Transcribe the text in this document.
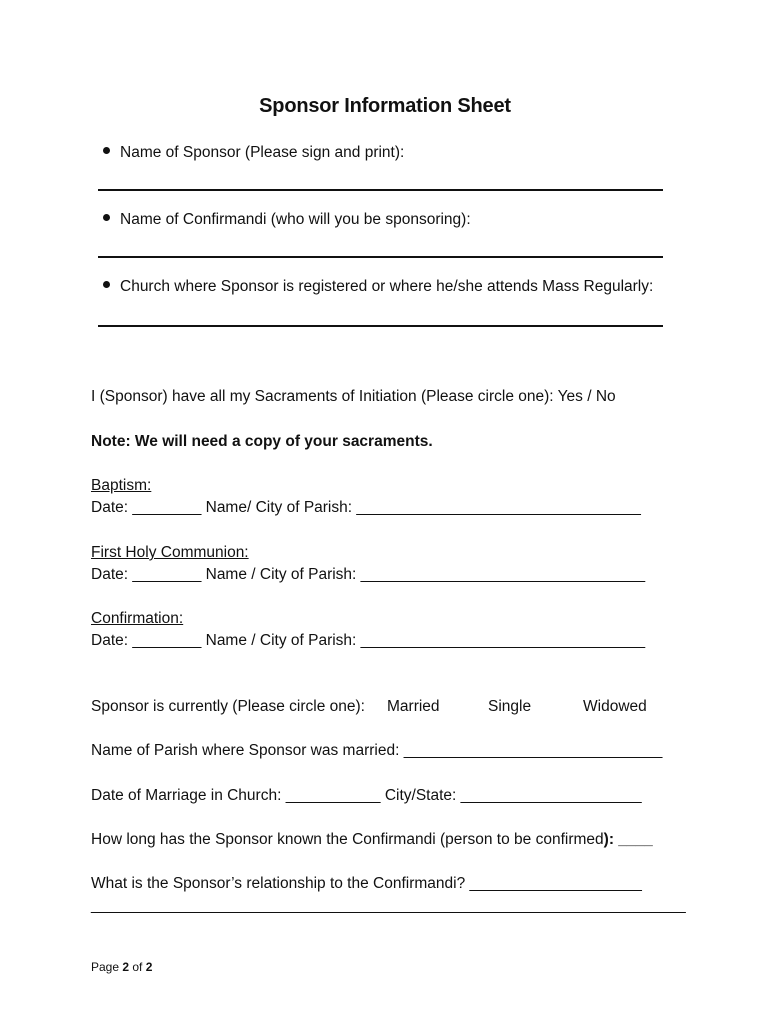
Sponsor Information Sheet
Name of Sponsor (Please sign and print):
Name of Confirmandi (who will you be sponsoring):
Church where Sponsor is registered or where he/she attends Mass Regularly:
I (Sponsor) have all my Sacraments of Initiation (Please circle one): Yes / No
Note: We will need a copy of your sacraments.
Baptism:
Date: ________ Name/ City of Parish: _________________________________
First Holy Communion:
Date: ________ Name / City of Parish: _________________________________
Confirmation:
Date: ________ Name / City of Parish: _________________________________
Sponsor is currently (Please circle one): Married	Single	Widowed
Name of Parish where Sponsor was married: ______________________________
Date of Marriage in Church: ___________ City/State: _____________________
How long has the Sponsor known the Confirmandi (person to be confirmed): ____
What is the Sponsor’s relationship to the Confirmandi? ____________________
_____________________________________________________________________
Page 2 of 2
